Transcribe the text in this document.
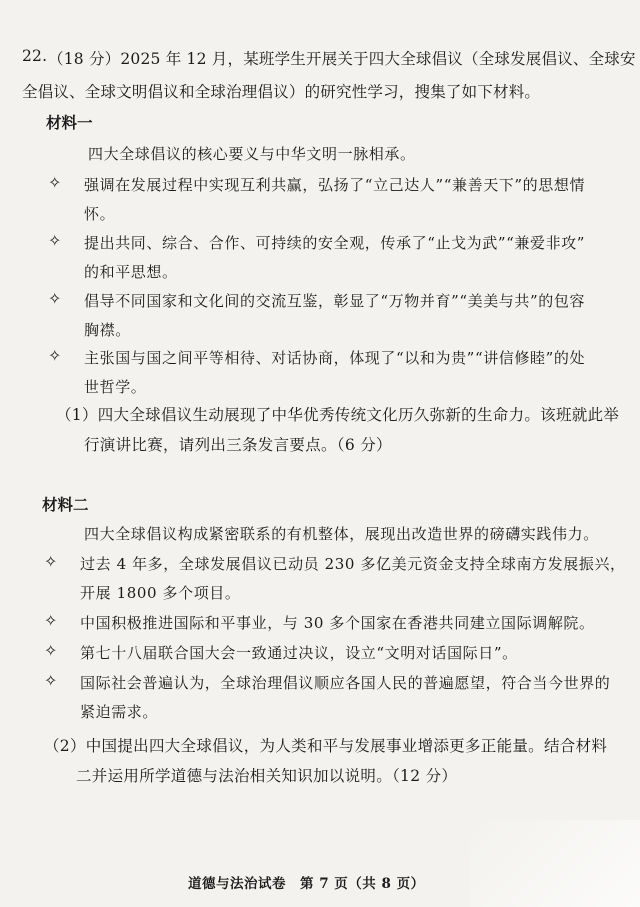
22. （18 分）2025 年 12 月，某班学生开展关于四大全球倡议（全球发展倡议、全球安
全倡议、全球文明倡议和全球治理倡议）的研究性学习，搜集了如下材料。
材料一
四大全球倡议的核心要义与中华文明一脉相承。
✧ 强调在发展过程中实现互利共赢，弘扬了“立己达人”“兼善天下”的思想情
怀。
✧ 提出共同、综合、合作、可持续的安全观，传承了“止戈为武”“兼爱非攻”
的和平思想。
✧ 倡导不同国家和文化间的交流互鉴，彰显了“万物并育”“美美与共”的包容
胸襟。
✧ 主张国与国之间平等相待、对话协商，体现了“以和为贵”“讲信修睦”的处
世哲学。
（1）四大全球倡议生动展现了中华优秀传统文化历久弥新的生命力。该班就此举
行演讲比赛，请列出三条发言要点。（6 分）
材料二
四大全球倡议构成紧密联系的有机整体，展现出改造世界的磅礴实践伟力。
✧ 过去 4 年多，全球发展倡议已动员 230 多亿美元资金支持全球南方发展振兴，
开展 1800 多个项目。
✧ 中国积极推进国际和平事业，与 30 多个国家在香港共同建立国际调解院。
✧ 第七十八届联合国大会一致通过决议，设立“文明对话国际日”。
✧ 国际社会普遍认为，全球治理倡议顺应各国人民的普遍愿望，符合当今世界的
紧迫需求。
（2）中国提出四大全球倡议，为人类和平与发展事业增添更多正能量。结合材料
二并运用所学道德与法治相关知识加以说明。（12 分）
道德与法治试卷　第 7 页（共 8 页）
